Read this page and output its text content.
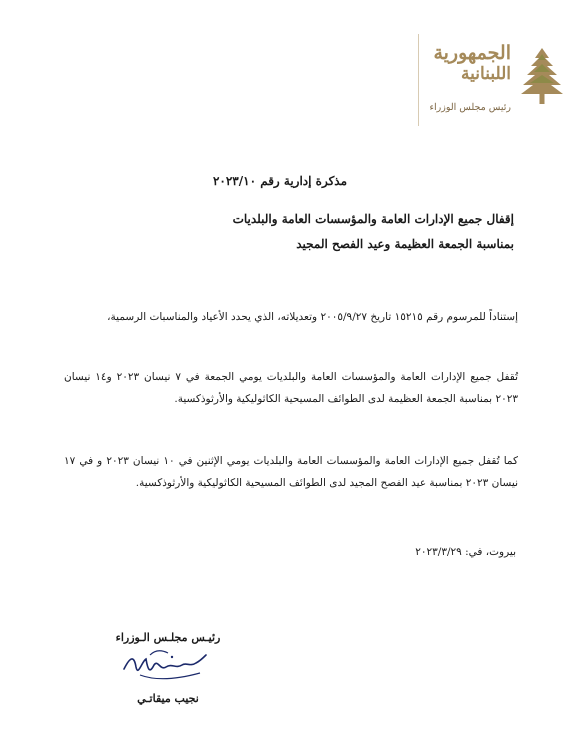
الجمهورية
اللبنانية
رئيس مجلس الوزراء
مذكرة إدارية رقم ٢٠٢٣/١٠
إقفال جميع الإدارات العامة والمؤسسات العامة والبلديات
بمناسبة الجمعة العظيمة وعيد الفصح المجيد
إستناداً للمرسوم رقم ١٥٢١٥ تاريخ ٢٠٠٥/٩/٢٧ وتعديلاته، الذي يحدد الأعياد والمناسبات الرسمية،
تُقفل جميع الإدارات العامة والمؤسسات العامة والبلديات يومي الجمعة في ٧ نيسان ٢٠٢٣ و١٤ نيسان ٢٠٢٣ بمناسبة الجمعة العظيمة لدى الطوائف المسيحية الكاثوليكية والأرثوذكسية.
كما تُقفل جميع الإدارات العامة والمؤسسات العامة والبلديات يومي الإثنين في ١٠ نيسان ٢٠٢٣ و في ١٧ نيسان ٢٠٢٣ بمناسبة عيد الفصح المجيد لدى الطوائف المسيحية الكاثوليكية والأرثوذكسية.
بيروت، في: ٢٠٢٣/٣/٢٩
رئيـس مجلـس الـوزراء
نجيب ميقاتـي
